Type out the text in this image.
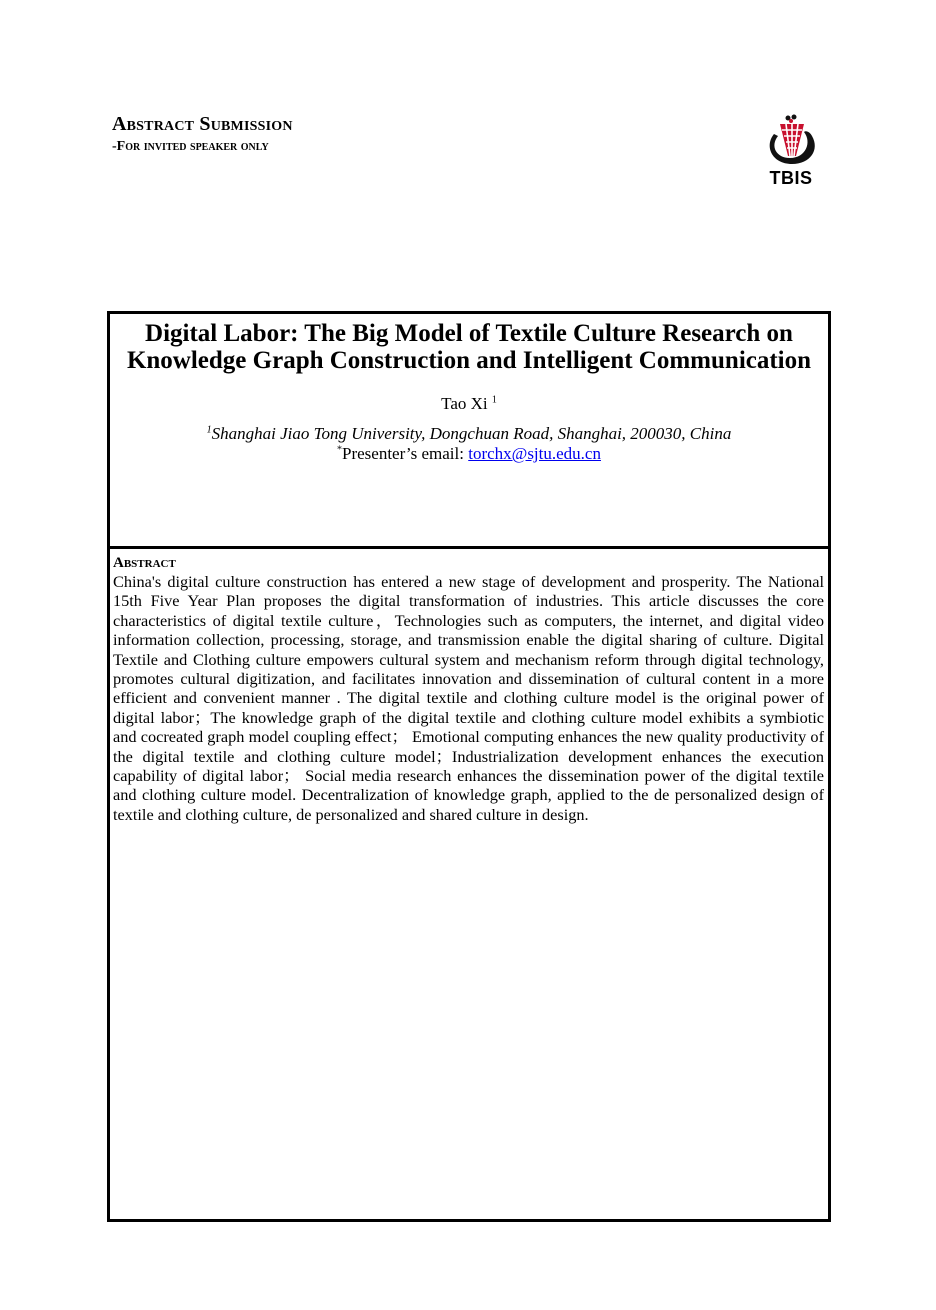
Abstract Submission
-For invited speaker only
TBIS
Digital Labor: The Big Model of Textile Culture Research on
Knowledge Graph Construction and Intelligent Communication
Tao Xi $^1$
$^1$Shanghai Jiao Tong University, Dongchuan Road, Shanghai, 200030, China
*Presenter’s email: torchx@sjtu.edu.cn
Abstract

China's digital culture construction has entered a new stage of development and prosperity. The National 15th Five Year Plan proposes the digital transformation of industries. This article discusses the core characteristics of digital textile culture，Technologies such as computers, the internet, and digital video information collection, processing, storage, and transmission enable the digital sharing of culture. Digital Textile and Clothing culture empowers cultural system and mechanism reform through digital technology, promotes cultural digitization, and facilitates innovation and dissemination of cultural content in a more efficient and convenient manner . The digital textile and clothing culture model is the original power of digital labor；The knowledge graph of the digital textile and clothing culture model exhibits a symbiotic and cocreated graph model coupling effect； Emotional computing enhances the new quality productivity of the digital textile and clothing culture model；Industrialization development enhances the execution capability of digital labor； Social media research enhances the dissemination power of the digital textile and clothing culture model. Decentralization of knowledge graph, applied to the de personalized design of textile and clothing culture, de personalized and shared culture in design.
